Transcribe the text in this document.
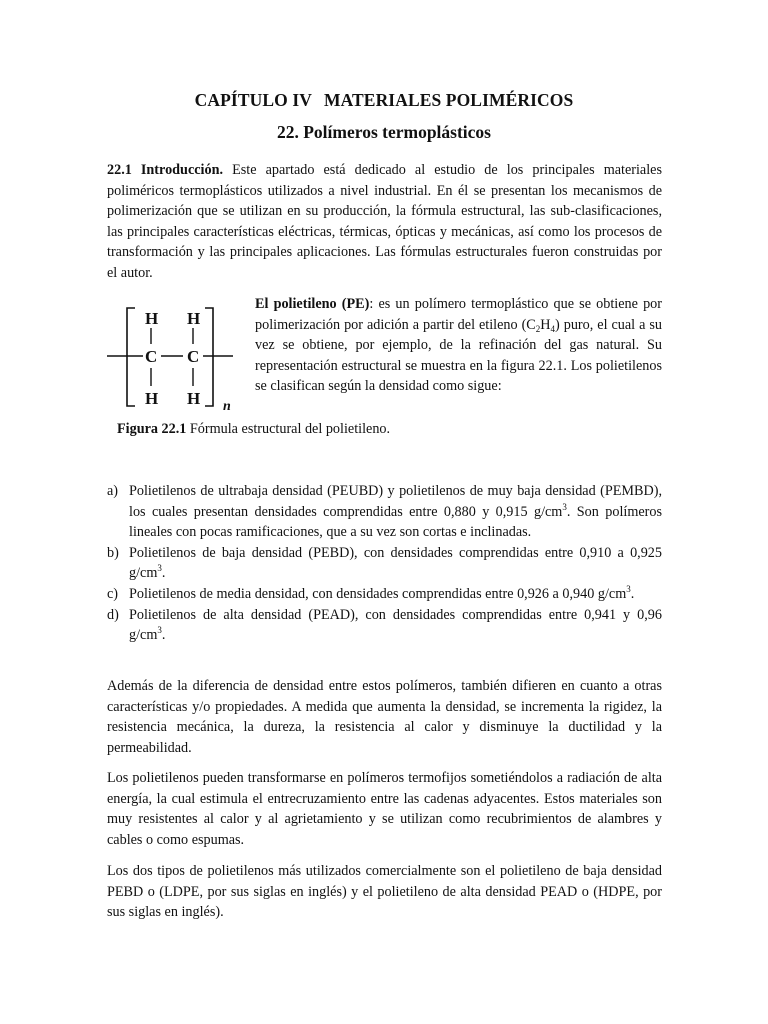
CAPÍTULO IV MATERIALES POLIMÉRICOS
22. Polímeros termoplásticos

22.1 Introducción. Este apartado está dedicado al estudio de los principales materiales poliméricos termoplásticos utilizados a nivel industrial. En él se presentan los mecanismos de polimerización que se utilizan en su producción, la fórmula estructural, las sub-clasificaciones, las principales características eléctricas, térmicas, ópticas y mecánicas, así como los procesos de transformación y las principales aplicaciones. Las fórmulas estructurales fueron construidas por el autor.

H H
C C
H H n

El polietileno (PE): es un polímero termoplástico que se obtiene por polimerización por adición a partir del etileno $(C_2H_4)$ puro, el cual a su vez se obtiene, por ejemplo, de la refinación del gas natural. Su representación estructural se muestra en la figura 22.1. Los polietilenos se clasifican según la densidad como sigue:

Figura 22.1 Fórmula estructural del polietileno.

a) Polietilenos de ultrabaja densidad (PEUBD) y polietilenos de muy baja densidad (PEMBD), los cuales presentan densidades comprendidas entre 0,880 y 0,915 $g/cm^3$. Son polímeros lineales con pocas ramificaciones, que a su vez son cortas e inclinadas.
b) Polietilenos de baja densidad (PEBD), con densidades comprendidas entre 0,910 a 0,925 $g/cm^3$.
c) Polietilenos de media densidad, con densidades comprendidas entre 0,926 a 0,940 $g/cm^3$.
d) Polietilenos de alta densidad (PEAD), con densidades comprendidas entre 0,941 y 0,96 $g/cm^3$.

Además de la diferencia de densidad entre estos polímeros, también difieren en cuanto a otras características y/o propiedades. A medida que aumenta la densidad, se incrementa la rigidez, la resistencia mecánica, la dureza, la resistencia al calor y disminuye la ductilidad y la permeabilidad.

Los polietilenos pueden transformarse en polímeros termofijos sometiéndolos a radiación de alta energía, la cual estimula el entrecruzamiento entre las cadenas adyacentes. Estos materiales son muy resistentes al calor y al agrietamiento y se utilizan como recubrimientos de alambres y cables o como espumas.

Los dos tipos de polietilenos más utilizados comercialmente son el polietileno de baja densidad PEBD o (LDPE, por sus siglas en inglés) y el polietileno de alta densidad PEAD o (HDPE, por sus siglas en inglés).
